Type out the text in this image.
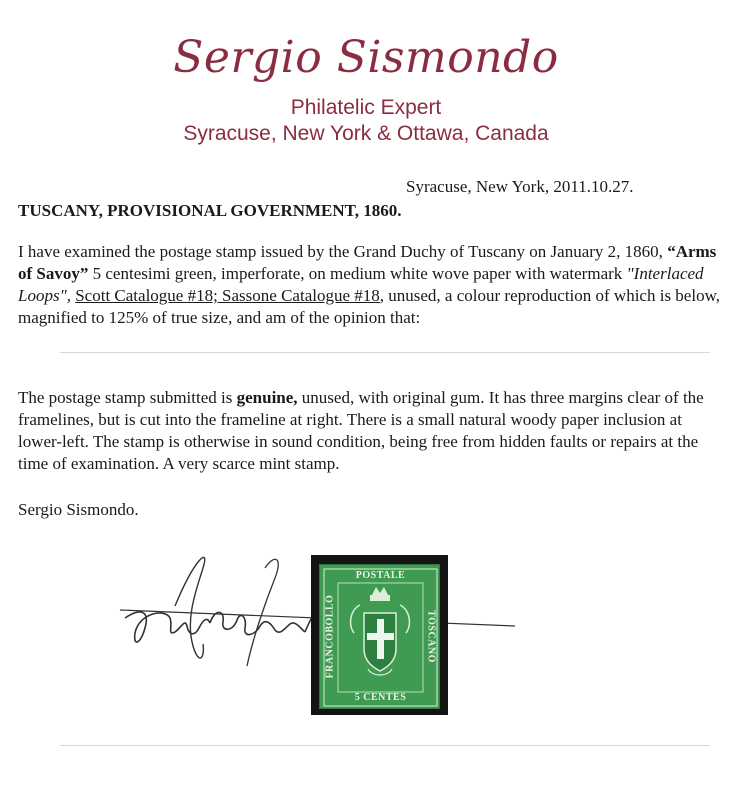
Sergio Sismondo
Philatelic Expert
Syracuse, New York & Ottawa, Canada
Syracuse, New York, 2011.10.27.
TUSCANY, PROVISIONAL GOVERNMENT, 1860.
I have examined the postage stamp issued by the Grand Duchy of Tuscany on January 2, 1860, “Arms of Savoy” 5 centesimi green, imperforate, on medium white wove paper with watermark "Interlaced Loops", Scott Catalogue #18; Sassone Catalogue #18, unused, a colour reproduction of which is below, magnified to 125% of true size, and am of the opinion that:
The postage stamp submitted is genuine, unused, with original gum. It has three margins clear of the framelines, but is cut into the frameline at right. There is a small natural woody paper inclusion at lower-left. The stamp is otherwise in sound condition, being free from hidden faults or repairs at the time of examination. A very scarce mint stamp.
Sergio Sismondo.
POSTALE
FRANCOBOLLO	TOSCANO
5 CENTES
